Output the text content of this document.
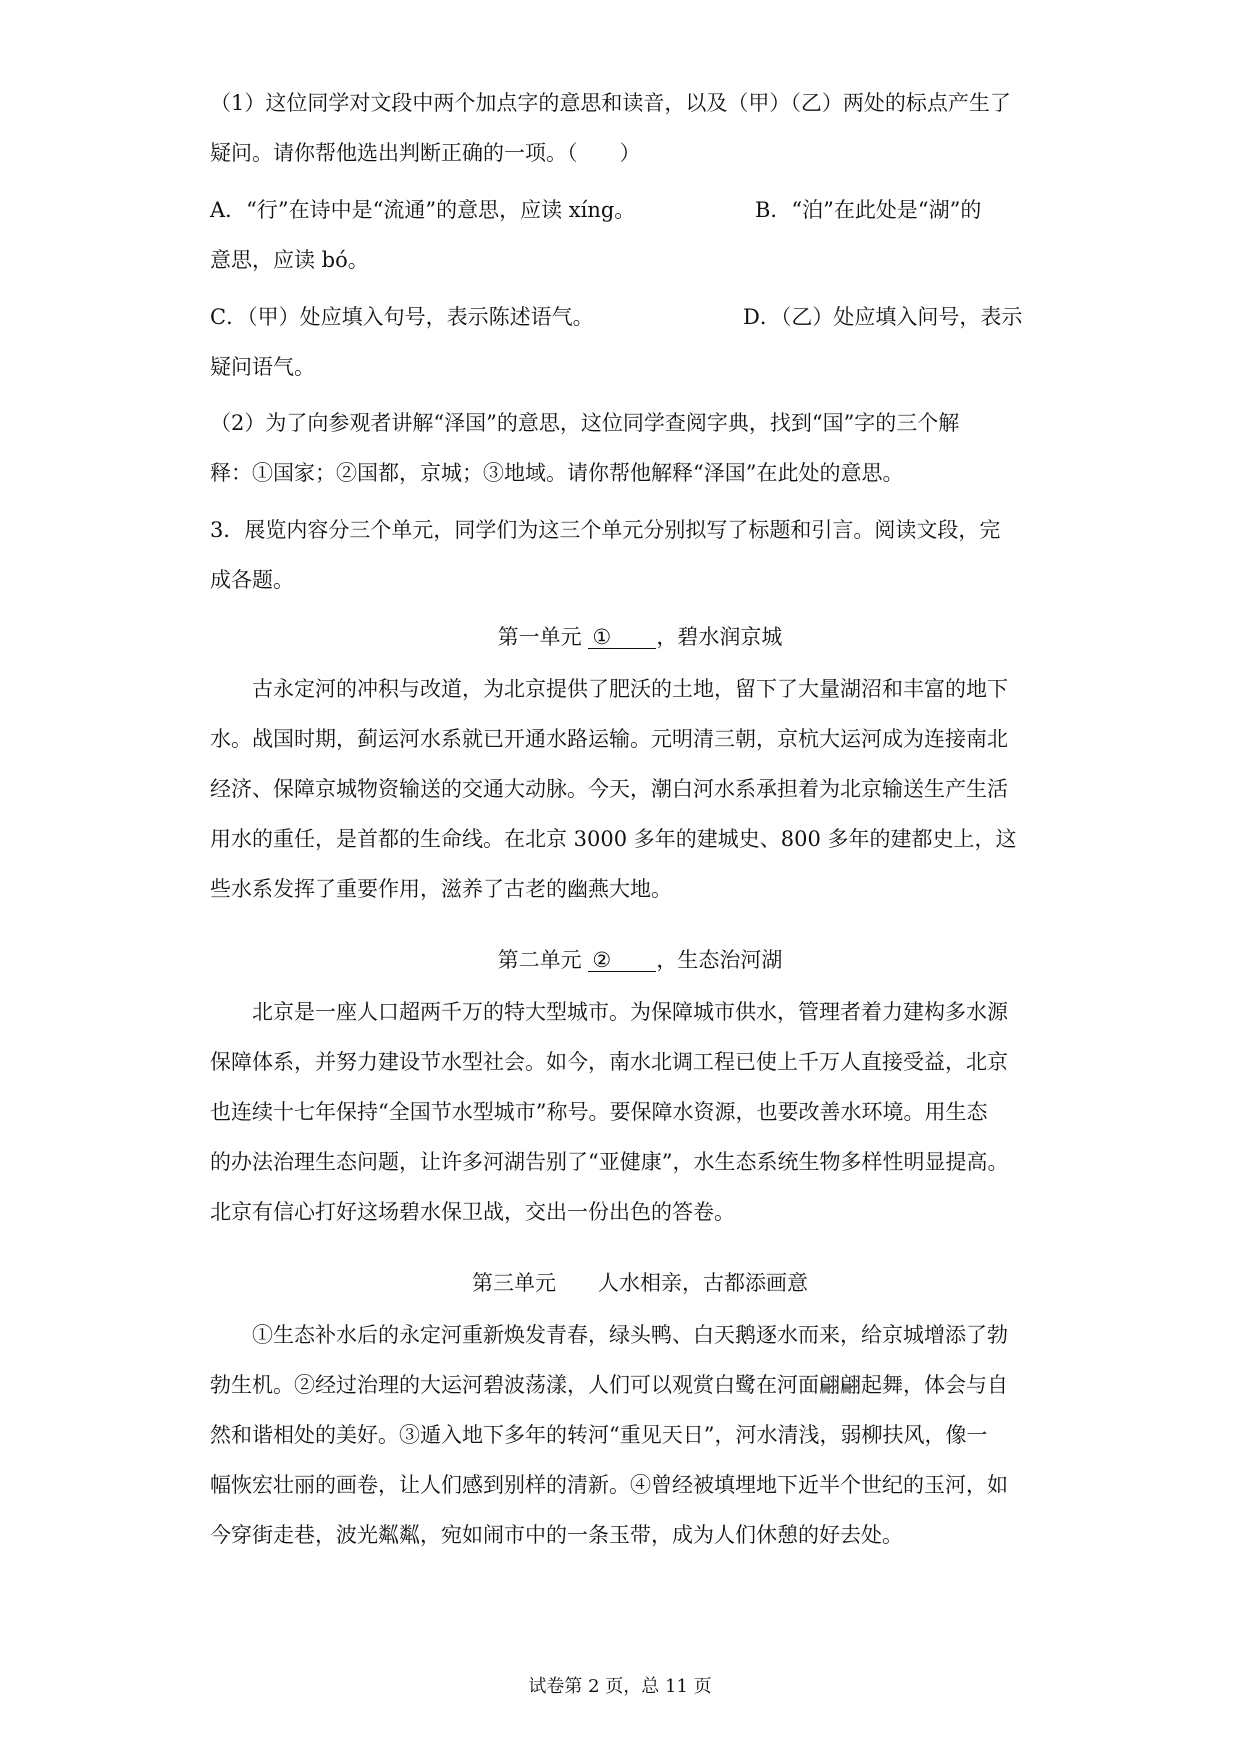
（1）这位同学对文段中两个加点字的意思和读音，以及（甲）（乙）两处的标点产生了
疑问。请你帮他选出判断正确的一项。（　　）
A．“行”在诗中是“流通”的意思，应读 xíng。	B．“泊”在此处是“湖”的
意思，应读 bó。
C．（甲）处应填入句号，表示陈述语气。	D．（乙）处应填入问号，表示
疑问语气。
（2）为了向参观者讲解“泽国”的意思，这位同学查阅字典，找到“国”字的三个解
释：①国家；②国都，京城；③地域。请你帮他解释“泽国”在此处的意思。
3．展览内容分三个单元，同学们为这三个单元分别拟写了标题和引言。阅读文段，完
成各题。
第一单元 ① ，碧水润京城
　　古永定河的冲积与改道，为北京提供了肥沃的土地，留下了大量湖沼和丰富的地下
水。战国时期，蓟运河水系就已开通水路运输。元明清三朝，京杭大运河成为连接南北
经济、保障京城物资输送的交通大动脉。今天，潮白河水系承担着为北京输送生产生活
用水的重任，是首都的生命线。在北京 3000 多年的建城史、800 多年的建都史上，这
些水系发挥了重要作用，滋养了古老的幽燕大地。
第二单元 ② ，生态治河湖
　　北京是一座人口超两千万的特大型城市。为保障城市供水，管理者着力建构多水源
保障体系，并努力建设节水型社会。如今，南水北调工程已使上千万人直接受益，北京
也连续十七年保持“全国节水型城市”称号。要保障水资源，也要改善水环境。用生态
的办法治理生态问题，让许多河湖告别了“亚健康”，水生态系统生物多样性明显提高。
北京有信心打好这场碧水保卫战，交出一份出色的答卷。
第三单元　　人水相亲，古都添画意
　　①生态补水后的永定河重新焕发青春，绿头鸭、白天鹅逐水而来，给京城增添了勃
勃生机。②经过治理的大运河碧波荡漾，人们可以观赏白鹭在河面翩翩起舞，体会与自
然和谐相处的美好。③遁入地下多年的转河“重见天日”，河水清浅，弱柳扶风，像一
幅恢宏壮丽的画卷，让人们感到别样的清新。④曾经被填埋地下近半个世纪的玉河，如
今穿街走巷，波光粼粼，宛如闹市中的一条玉带，成为人们休憩的好去处。
试卷第 2 页，总 11 页
